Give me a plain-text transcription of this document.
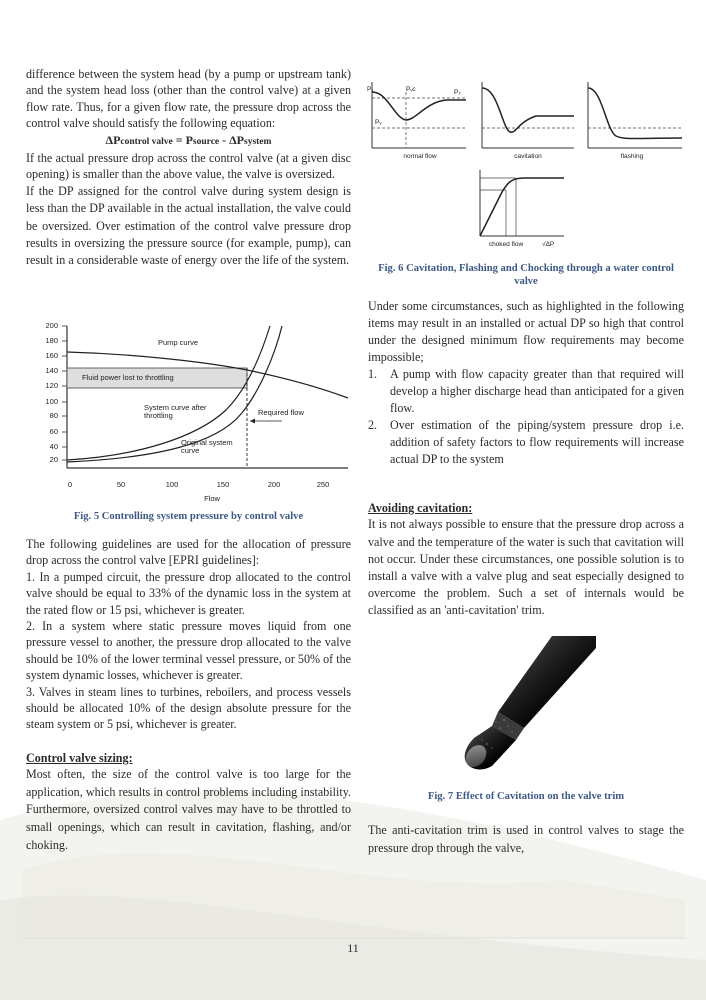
difference between the system head (by a pump or upstream tank) and the system head loss (other than the control valve) at a given flow rate. Thus, for a given flow rate, the pressure drop across the control valve should satisfy the following equation:

ΔPcontrol valve = Psource - ΔPsystem

If the actual pressure drop across the control valve (at a given disc opening) is smaller than the above value, the valve is oversized.

If the DP assigned for the control valve during system design is less than the DP available in the actual installation, the valve could be oversized. Over estimation of the control valve pressure drop results in oversizing the pressure source (for example, pump), can result in a considerable waste of energy over the life of the system.

200
180
160
140
120
100
80
60
40
20
0	50	100	150	200	250
Flow
Pump curve
Fluid power lost to throttling
System curve after
throttling	Required flow
Original system
curve
Fig. 5 Controlling system pressure by control valve

The following guidelines are used for the allocation of pressure drop across the control valve [EPRI guidelines]:

1. In a pumped circuit, the pressure drop allocated to the control valve should be equal to 33% of the dynamic loss in the system at the rated flow or 15 psi, whichever is greater.

2. In a system where static pressure moves liquid from one pressure vessel to another, the pressure drop allocated to the valve should be 10% of the lower terminal vessel pressure, or 50% of the system dynamic losses, whichever is greater.

3. Valves in steam lines to turbines, reboilers, and process vessels should be allocated 10% of the design absolute pressure for the steam system or 5 psi, whichever is greater.

Control valve sizing:

Most often, the size of the control valve is too large for the application, which results in control problems including instability. Furthermore, oversized control valves may have to be throttled to small openings, which can result in cavitation, flashing, and/or choking.

P₁	Pᵥc	P₂
Pᵥ
normal flow	cavitation	flashing
choked flow	√ΔP
Fig. 6 Cavitation, Flashing and Chocking through a water control valve

Under some circumstances, such as highlighted in the following items may result in an installed or actual DP so high that control under the designed minimum flow requirements may become impossible;

1. A pump with flow capacity greater than that required will develop a higher discharge head than anticipated for a given flow.
2. Over estimation of the piping/system pressure drop i.e. addition of safety factors to flow requirements will increase actual DP to the system

Avoiding cavitation:

It is not always possible to ensure that the pressure drop across a valve and the temperature of the water is such that cavitation will not occur. Under these circumstances, one possible solution is to install a valve with a valve plug and seat especially designed to overcome the problem. Such a set of internals would be classified as an 'anti-cavitation' trim.

Fig. 7 Effect of Cavitation on the valve trim

The anti-cavitation trim is used in control valves to stage the pressure drop through the valve,

11
